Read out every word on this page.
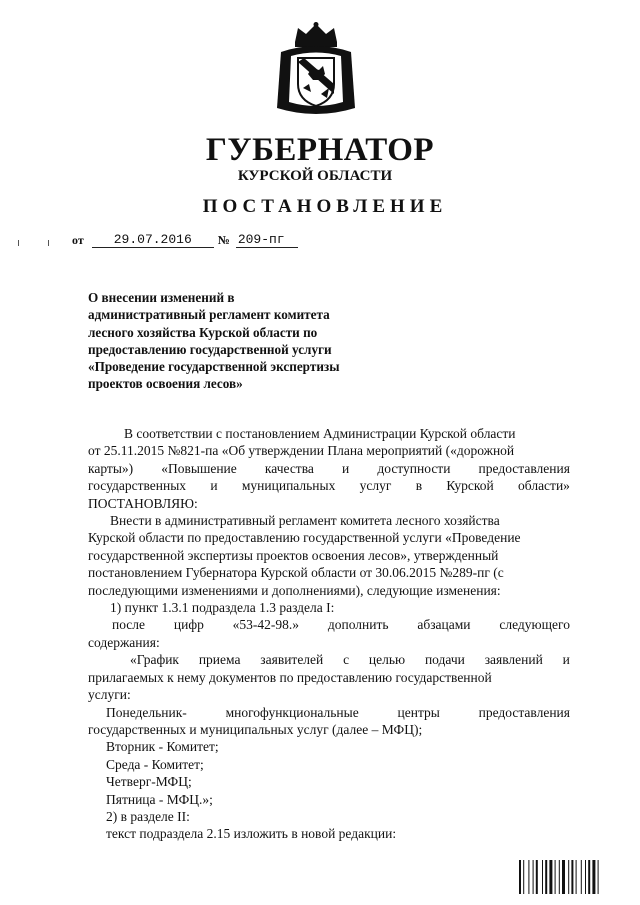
ГУБЕРНАТОР
КУРСКОЙ ОБЛАСТИ
ПОСТАНОВЛЕНИЕ
от	29.07.2016	№ 209-пг
О внесении изменений в
административный регламент комитета
лесного хозяйства Курской области по
предоставлению государственной услуги
«Проведение государственной экспертизы
проектов освоения лесов»
В соответствии с постановлением Администрации Курской области
от 25.11.2015 №821-па «Об утверждении Плана мероприятий («дорожной
карты») «Повышение качества и доступности предоставления
государственных и муниципальных услуг в Курской области»
ПОСТАНОВЛЯЮ:
Внести в административный регламент комитета лесного хозяйства
Курской области по предоставлению государственной услуги «Проведение
государственной экспертизы проектов освоения лесов», утвержденный
постановлением Губернатора Курской области от 30.06.2015 №289-пг (с
последующими изменениями и дополнениями), следующие изменения:
1) пункт 1.3.1 подраздела 1.3 раздела I:
после цифр «53-42-98.» дополнить абзацами следующего
содержания:
«График приема заявителей с целью подачи заявлений и
прилагаемых к нему документов по предоставлению государственной
услуги:
Понедельник-	многофункциональные	центры	предоставления
государственных и муниципальных услуг (далее – МФЦ);
Вторник - Комитет;
Среда - Комитет;
Четверг-МФЦ;
Пятница - МФЦ.»;
2) в разделе II:
текст подраздела 2.15 изложить в новой редакции:
